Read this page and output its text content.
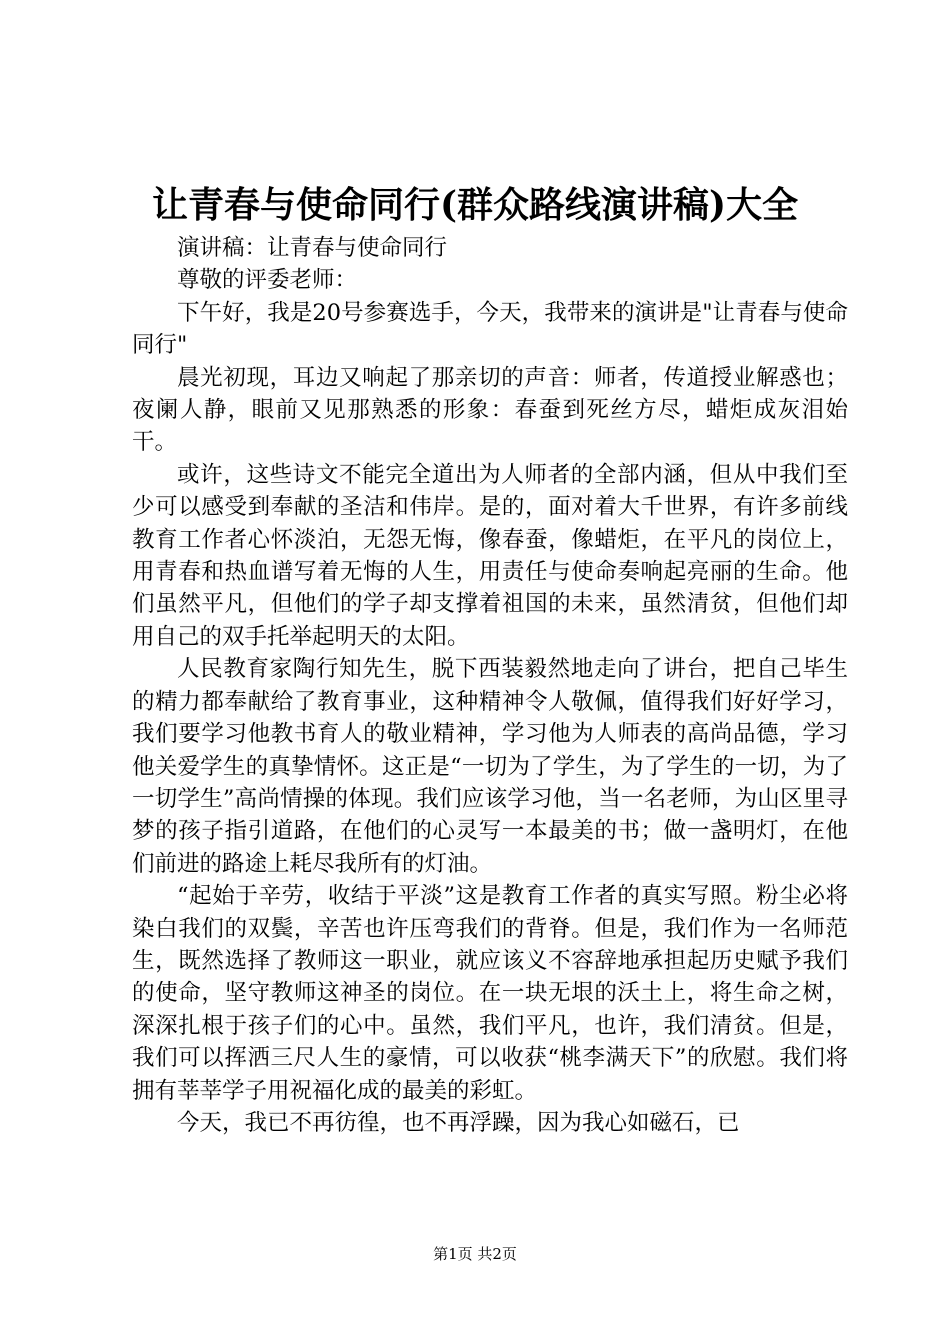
让青春与使命同行(群众路线演讲稿)大全

演讲稿：让青春与使命同行

尊敬的评委老师：

下午好，我是20号参赛选手，今天，我带来的演讲是"让青春与使命同行"

晨光初现，耳边又响起了那亲切的声音：师者，传道授业解惑也；夜阑人静，眼前又见那熟悉的形象：春蚕到死丝方尽，蜡炬成灰泪始干。

或许，这些诗文不能完全道出为人师者的全部内涵，但从中我们至少可以感受到奉献的圣洁和伟岸。是的，面对着大千世界，有许多前线教育工作者心怀淡泊，无怨无悔，像春蚕，像蜡炬，在平凡的岗位上，用青春和热血谱写着无悔的人生，用责任与使命奏响起亮丽的生命。他们虽然平凡，但他们的学子却支撑着祖国的未来，虽然清贫，但他们却用自己的双手托举起明天的太阳。

人民教育家陶行知先生，脱下西装毅然地走向了讲台，把自己毕生的精力都奉献给了教育事业，这种精神令人敬佩，值得我们好好学习，我们要学习他教书育人的敬业精神，学习他为人师表的高尚品德，学习他关爱学生的真挚情怀。这正是“一切为了学生，为了学生的一切，为了一切学生”高尚情操的体现。我们应该学习他，当一名老师，为山区里寻梦的孩子指引道路，在他们的心灵写一本最美的书；做一盏明灯，在他们前进的路途上耗尽我所有的灯油。

“起始于辛劳，收结于平淡”这是教育工作者的真实写照。粉尘必将染白我们的双鬓，辛苦也许压弯我们的背脊。但是，我们作为一名师范生，既然选择了教师这一职业，就应该义不容辞地承担起历史赋予我们的使命，坚守教师这神圣的岗位。在一块无垠的沃土上，将生命之树，深深扎根于孩子们的心中。虽然，我们平凡，也许，我们清贫。但是，我们可以挥洒三尺人生的豪情，可以收获“桃李满天下”的欣慰。我们将拥有莘莘学子用祝福化成的最美的彩虹。

今天，我已不再彷徨，也不再浮躁，因为我心如磁石，已

第1页 共2页
